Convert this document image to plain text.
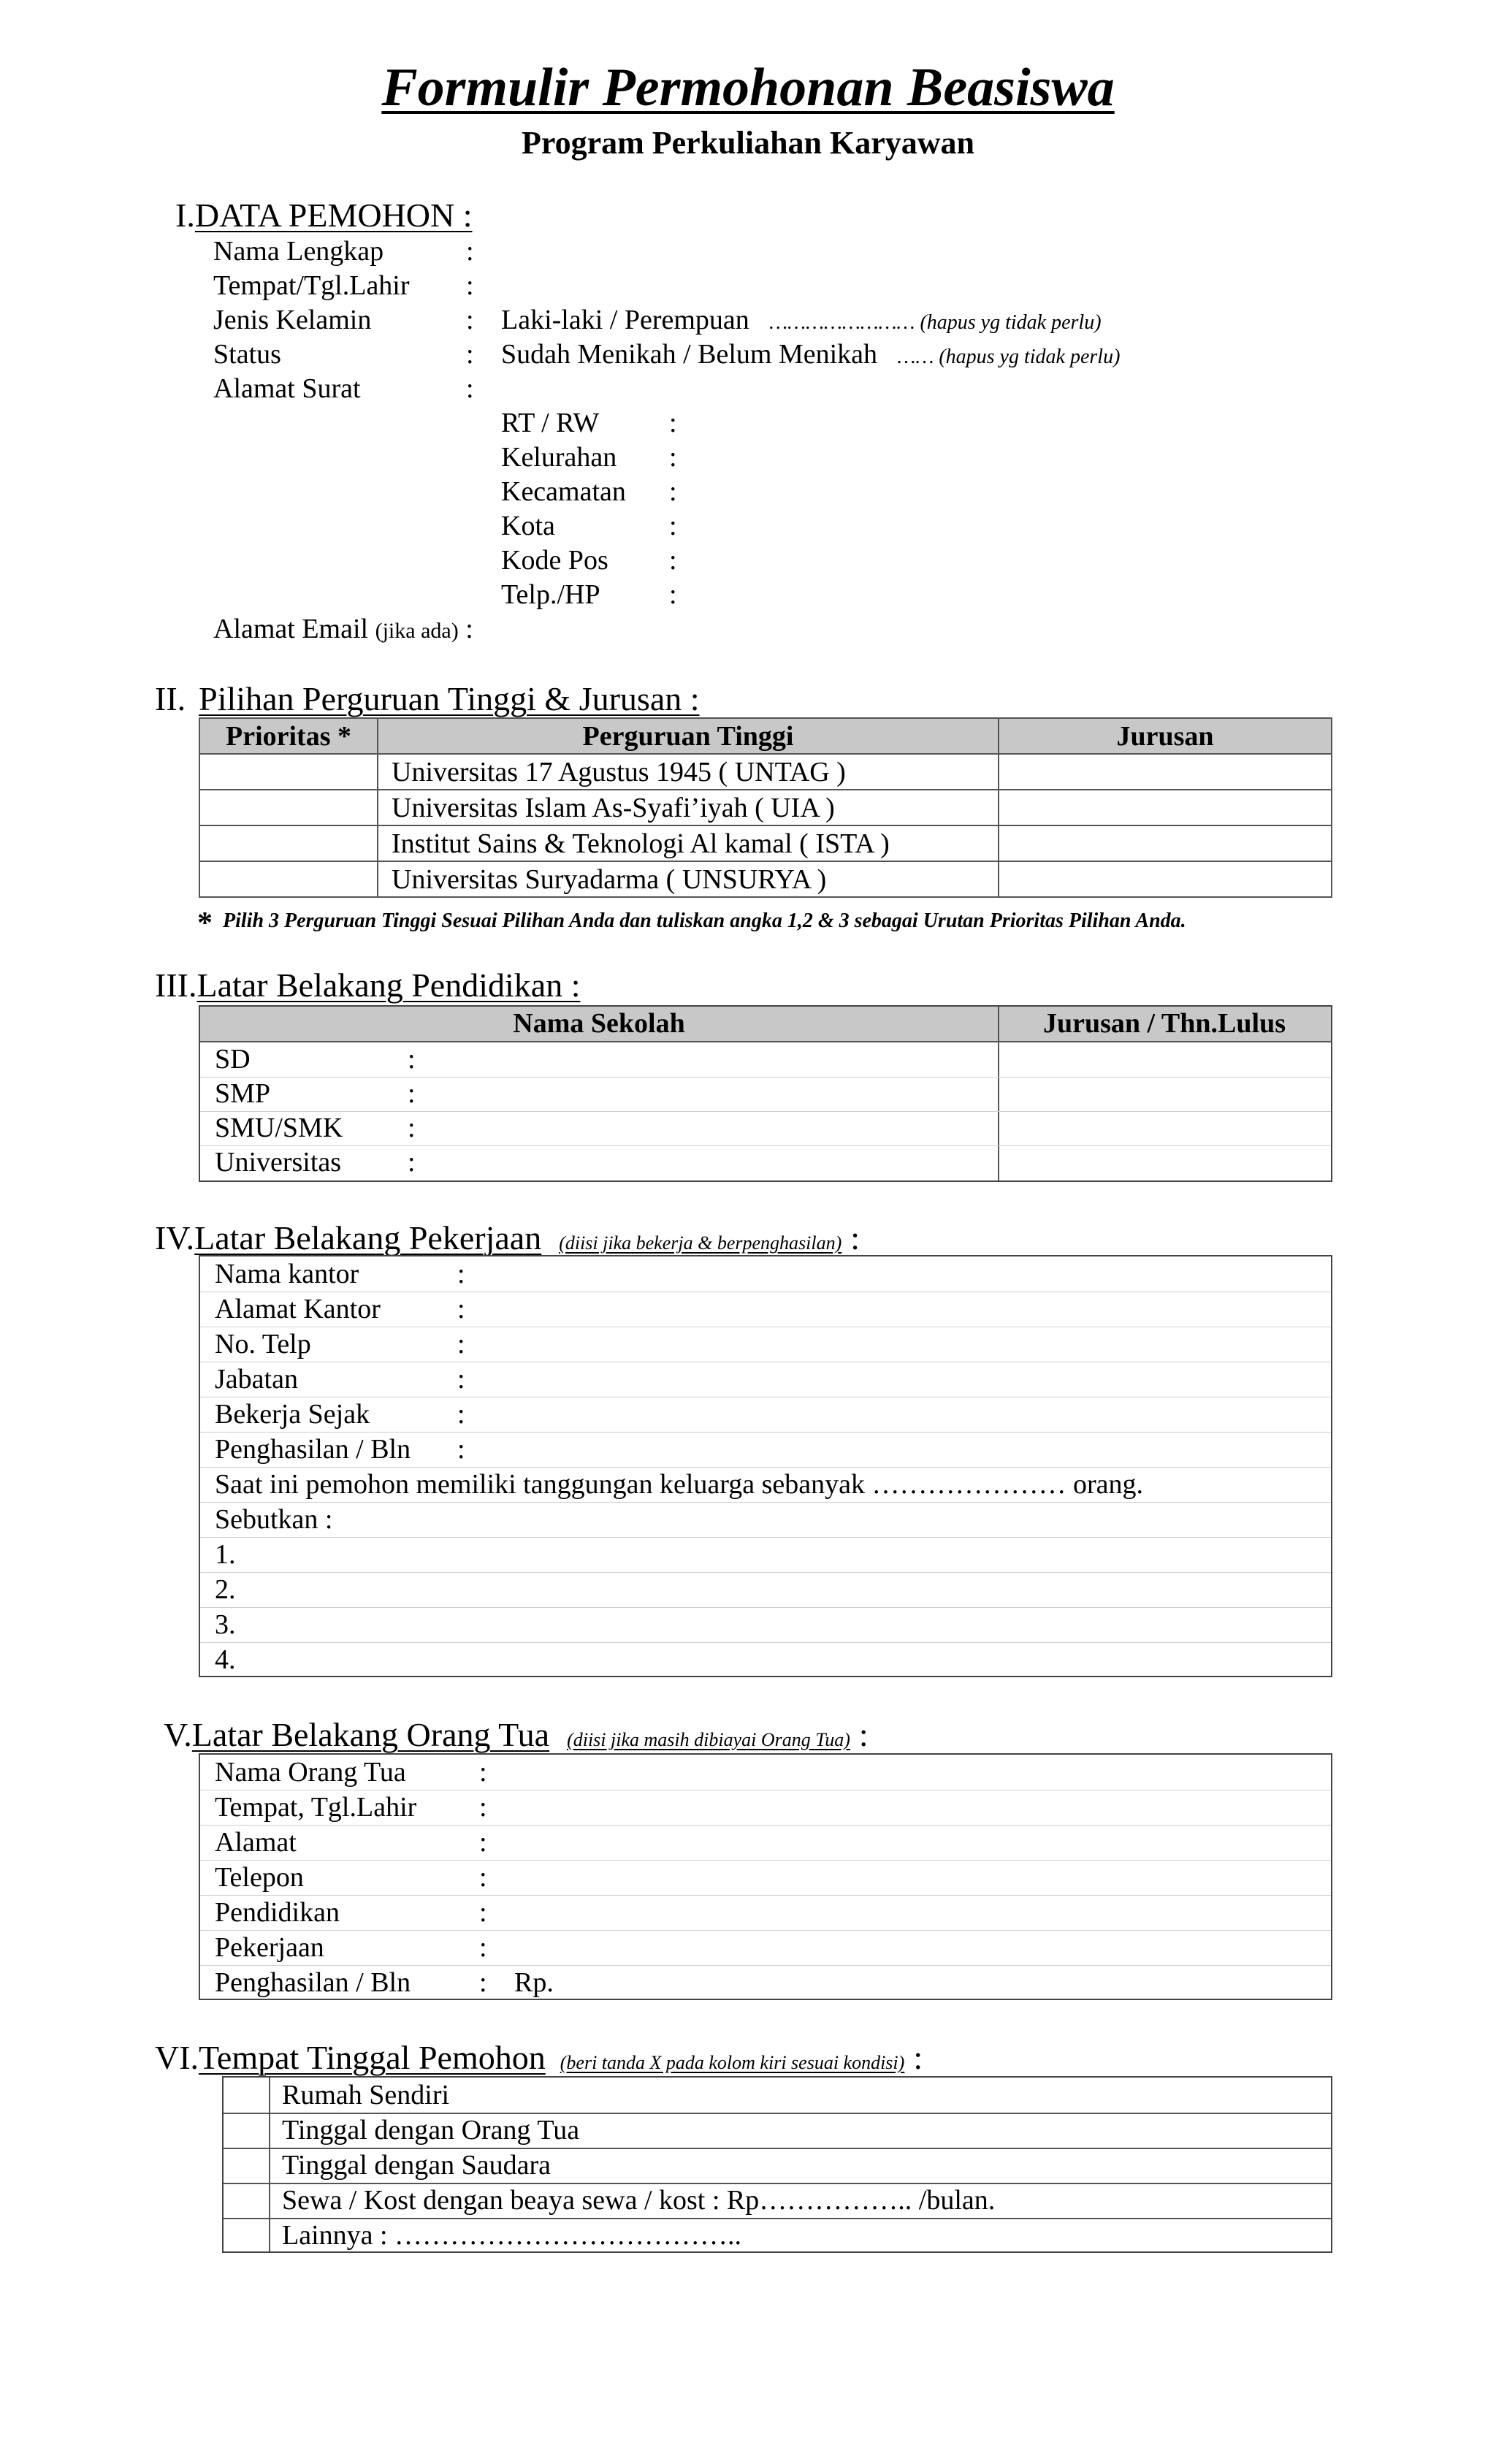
Formulir Permohonan Beasiswa
Program Perkuliahan Karyawan
I.DATA PEMOHON :
Nama Lengkap	:
Tempat/Tgl.Lahir :
Jenis Kelamin	: Laki-laki / Perempuan …………………… (hapus yg tidak perlu)
Status	: Sudah Menikah / Belum Menikah …… (hapus yg tidak perlu)
Alamat Surat	:
RT / RW	:
Kelurahan :
Kecamatan :
Kota	:
Kode Pos :
Telp./HP :
Alamat Email (jika ada) :
II. Pilihan Perguruan Tinggi & Jurusan :
Prioritas *	Perguruan Tinggi	Jurusan
	Universitas 17 Agustus 1945 ( UNTAG )	
	Universitas Islam As-Syafi’iyah ( UIA )	
	Institut Sains & Teknologi Al kamal ( ISTA )	
	Universitas Suryadarma ( UNSURYA )	
* Pilih 3 Perguruan Tinggi Sesuai Pilihan Anda dan tuliskan angka 1,2 & 3 sebagai Urutan Prioritas Pilihan Anda.
III.Latar Belakang Pendidikan :
Nama Sekolah	Jurusan / Thn.Lulus
SD	:
SMP	:
SMU/SMK :
Universitas :
IV.Latar Belakang Pekerjaan (diisi jika bekerja & berpenghasilan) :
Nama kantor	:
Alamat Kantor	:
No. Telp	:
Jabatan	:
Bekerja Sejak	:
Penghasilan / Bln :
Saat ini pemohon memiliki tanggungan keluarga sebanyak ………………… orang.
Sebutkan :
1.
2.
3.
4.
V.Latar Belakang Orang Tua (diisi jika masih dibiayai Orang Tua) :
Nama Orang Tua	:
Tempat, Tgl.Lahir :
Alamat	:
Telepon	:
Pendidikan	:
Pekerjaan	:
Penghasilan / Bln : Rp.
VI.Tempat Tinggal Pemohon (beri tanda X pada kolom kiri sesuai kondisi) :
Rumah Sendiri
Tinggal dengan Orang Tua
Tinggal dengan Saudara
Sewa / Kost dengan beaya sewa / kost : Rp…………….. /bulan.
Lainnya : ………………………………..
